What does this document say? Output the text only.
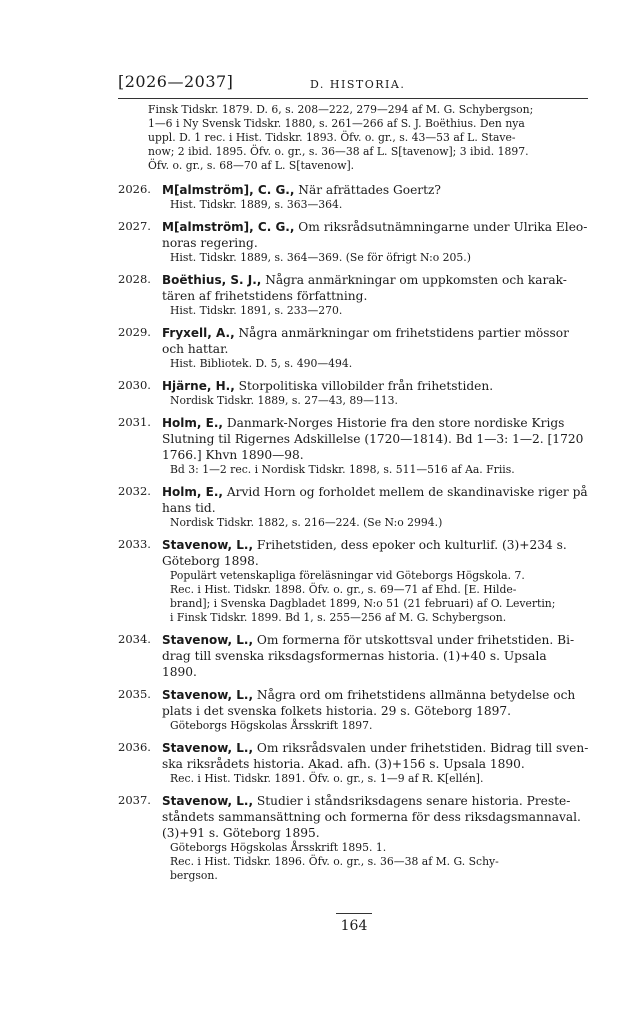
[2026—2037]	D. HISTORIA.
Finsk Tidskr. 1879. D. 6, s. 208—222, 279—294 af M. G. Schybergson;
1—6 i Ny Svensk Tidskr. 1880, s. 261—266 af S. J. Boëthius. Den nya
uppl. D. 1 rec. i Hist. Tidskr. 1893. Öfv. o. gr., s. 43—53 af L. Stave-
now; 2 ibid. 1895. Öfv. o. gr., s. 36—38 af L. S[tavenow]; 3 ibid. 1897.
Öfv. o. gr., s. 68—70 af L. S[tavenow].
2026. M[almström], C. G., När afrättades Goertz?
Hist. Tidskr. 1889, s. 363—364.
2027. M[almström], C. G., Om riksrådsutnämningarne under Ulrika Eleo-
noras regering.
Hist. Tidskr. 1889, s. 364—369. (Se för öfrigt N:o 205.)
2028. Boëthius, S. J., Några anmärkningar om uppkomsten och karak-
tären af frihetstidens författning.
Hist. Tidskr. 1891, s. 233—270.
2029. Fryxell, A., Några anmärkningar om frihetstidens partier mössor
och hattar.
Hist. Bibliotek. D. 5, s. 490—494.
2030. Hjärne, H., Storpolitiska villobilder från frihetstiden.
Nordisk Tidskr. 1889, s. 27—43, 89—113.
2031. Holm, E., Danmark-Norges Historie fra den store nordiske Krigs
Slutning til Rigernes Adskillelse (1720—1814). Bd 1—3: 1—2. [1720
1766.] Khvn 1890—98.
Bd 3: 1—2 rec. i Nordisk Tidskr. 1898, s. 511—516 af Aa. Friis.
2032. Holm, E., Arvid Horn og forholdet mellem de skandinaviske riger på
hans tid.
Nordisk Tidskr. 1882, s. 216—224. (Se N:o 2994.)
2033. Stavenow, L., Frihetstiden, dess epoker och kulturlif. (3)+234 s.
Göteborg 1898.
Populärt vetenskapliga föreläsningar vid Göteborgs Högskola. 7.
Rec. i Hist. Tidskr. 1898. Öfv. o. gr., s. 69—71 af Ehd. [E. Hilde-
brand]; i Svenska Dagbladet 1899, N:o 51 (21 februari) af O. Levertin;
i Finsk Tidskr. 1899. Bd 1, s. 255—256 af M. G. Schybergson.
2034. Stavenow, L., Om formerna för utskottsval under frihetstiden. Bi-
drag till svenska riksdagsformernas historia. (1)+40 s. Upsala
1890.
2035. Stavenow, L., Några ord om frihetstidens allmänna betydelse och
plats i det svenska folkets historia. 29 s. Göteborg 1897.
Göteborgs Högskolas Årsskrift 1897.
2036. Stavenow, L., Om riksrådsvalen under frihetstiden. Bidrag till sven-
ska riksrådets historia. Akad. afh. (3)+156 s. Upsala 1890.
Rec. i Hist. Tidskr. 1891. Öfv. o. gr., s. 1—9 af R. K[ellén].
2037. Stavenow, L., Studier i ståndsriksdagens senare historia. Preste-
ståndets sammansättning och formerna för dess riksdagsmannaval.
(3)+91 s. Göteborg 1895.
Göteborgs Högskolas Årsskrift 1895. 1.
Rec. i Hist. Tidskr. 1896. Öfv. o. gr., s. 36—38 af M. G. Schy-
bergson.
164
